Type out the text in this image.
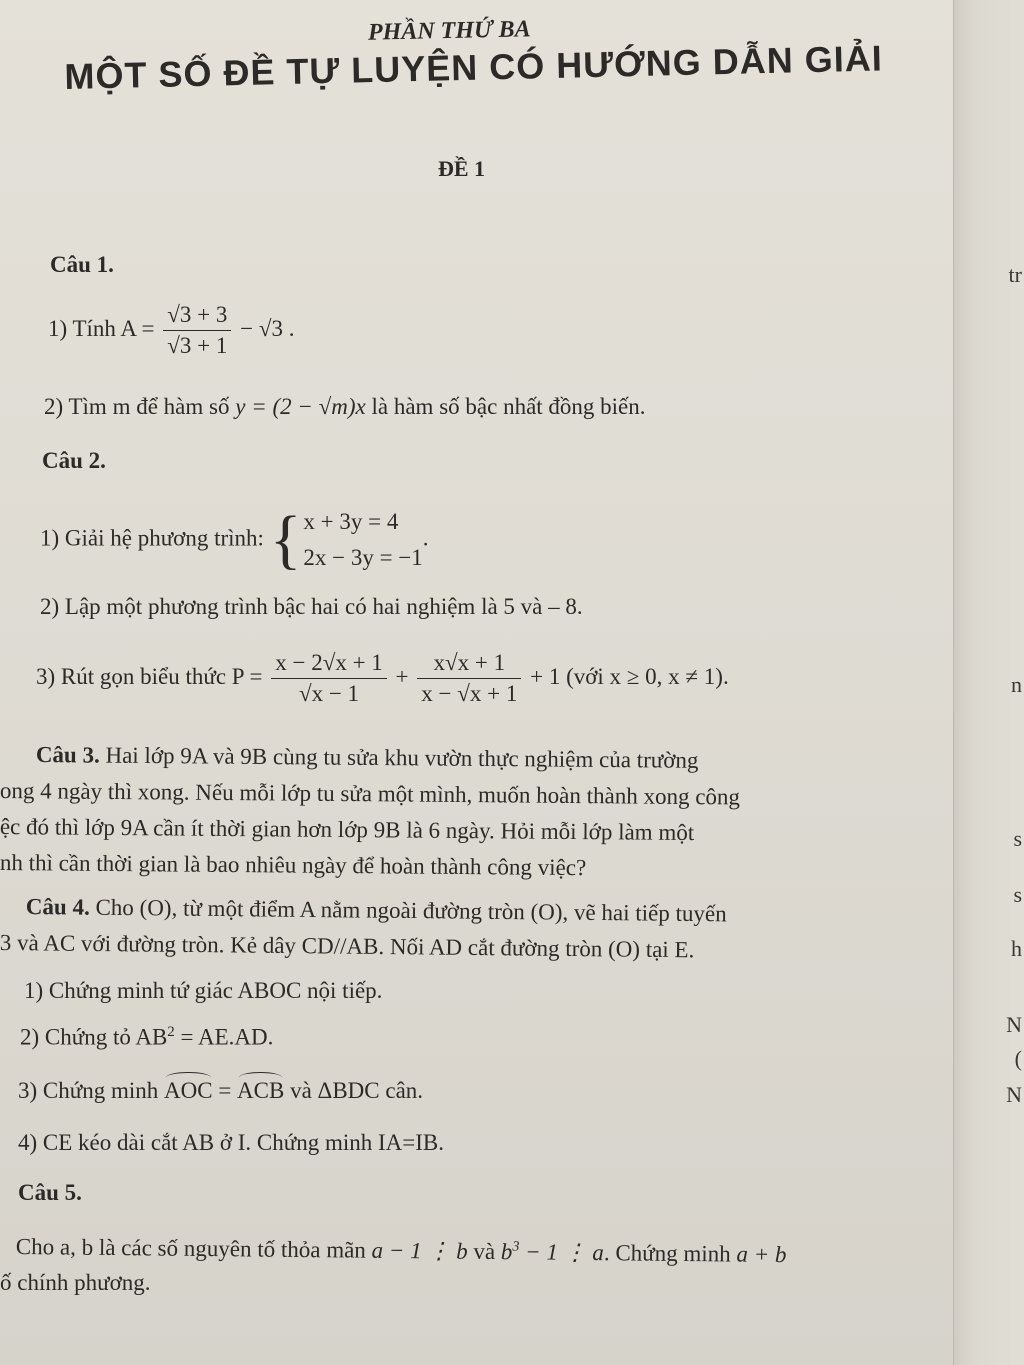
tr
n
s
s
h
N
(
N
PHẦN THỨ BA
MỘT SỐ ĐỀ TỰ LUYỆN CÓ HƯỚNG DẪN GIẢI
ĐỀ 1
Câu 1.
1) Tính $A = \frac{√3 + 3}{√3 + 1} - √3$ .
2) Tìm m để hàm số y = (2 − √m)x là hàm số bậc nhất đồng biến.
Câu 2.
1) Giải hệ phương trình: { x + 3y = 4
2x − 3y = −1
.
2) Lập một phương trình bậc hai có hai nghiệm là 5 và – 8.
3) Rút gọn biểu thức $P = \frac{x - 2√x + 1}{√x - 1} + \frac{x√x + 1}{x - √x + 1} + 1$ (với x ≥ 0, x ≠ 1).
Câu 3. Hai lớp 9A và 9B cùng tu sửa khu vườn thực nghiệm của trường
ong 4 ngày thì xong. Nếu mỗi lớp tu sửa một mình, muốn hoàn thành xong công
ệc đó thì lớp 9A cần ít thời gian hơn lớp 9B là 6 ngày. Hỏi mỗi lớp làm một
nh thì cần thời gian là bao nhiêu ngày để hoàn thành công việc?
Câu 4. Cho (O), từ một điểm A nằm ngoài đường tròn (O), vẽ hai tiếp tuyến
3 và AC với đường tròn. Kẻ dây CD//AB. Nối AD cắt đường tròn (O) tại E.
1) Chứng minh tứ giác ABOC nội tiếp.
2) Chứng tỏ $AB^2 = AE.AD$.
3) Chứng minh AOC = ACB và ΔBDC cân.
4) CE kéo dài cắt AB ở I. Chứng minh IA=IB.
Câu 5.
Cho a, b là các số nguyên tố thỏa mãn a − 1 ⋮ b và $b^3 - 1$ ⋮ a. Chứng minh a + b
ố chính phương.
